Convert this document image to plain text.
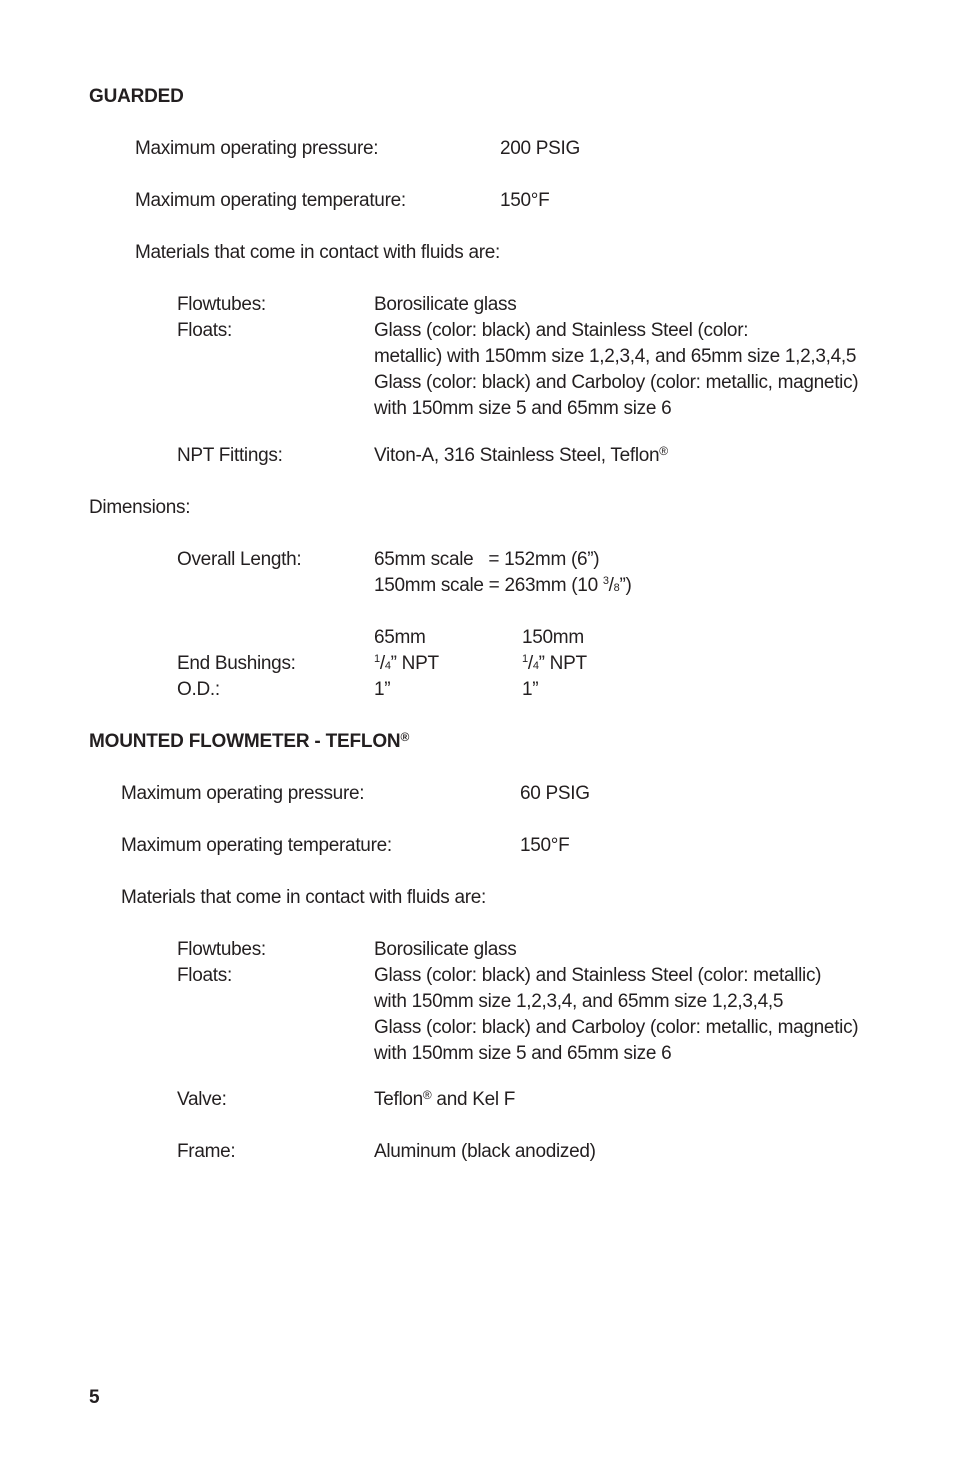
GUARDED
Maximum operating pressure:	200 PSIG
Maximum operating temperature:	150°F
Materials that come in contact with fluids are:
Flowtubes:	Borosilicate glass
Floats:	Glass (color: black) and Stainless Steel (color:
metallic) with 150mm size 1,2,3,4, and 65mm size 1,2,3,4,5
Glass (color: black) and Carboloy (color: metallic, magnetic)
with 150mm size 5 and 65mm size 6
NPT Fittings:	Viton-A, 316 Stainless Steel, Teflon®
Dimensions:
Overall Length:	65mm scale   = 152mm (6”)
150mm scale = 263mm (10 $^3$/8”)
65mm	150mm
End Bushings:	$^1$/4” NPT	$^1$/4” NPT
O.D.:	1”	1”
MOUNTED FLOWMETER - TEFLON®
Maximum operating pressure:	60 PSIG
Maximum operating temperature:	150°F
Materials that come in contact with fluids are:
Flowtubes:	Borosilicate glass
Floats:	Glass (color: black) and Stainless Steel (color: metallic)
with 150mm size 1,2,3,4, and 65mm size 1,2,3,4,5
Glass (color: black) and Carboloy (color: metallic, magnetic)
with 150mm size 5 and 65mm size 6
Valve:	Teflon® and Kel F
Frame:	Aluminum (black anodized)
5
